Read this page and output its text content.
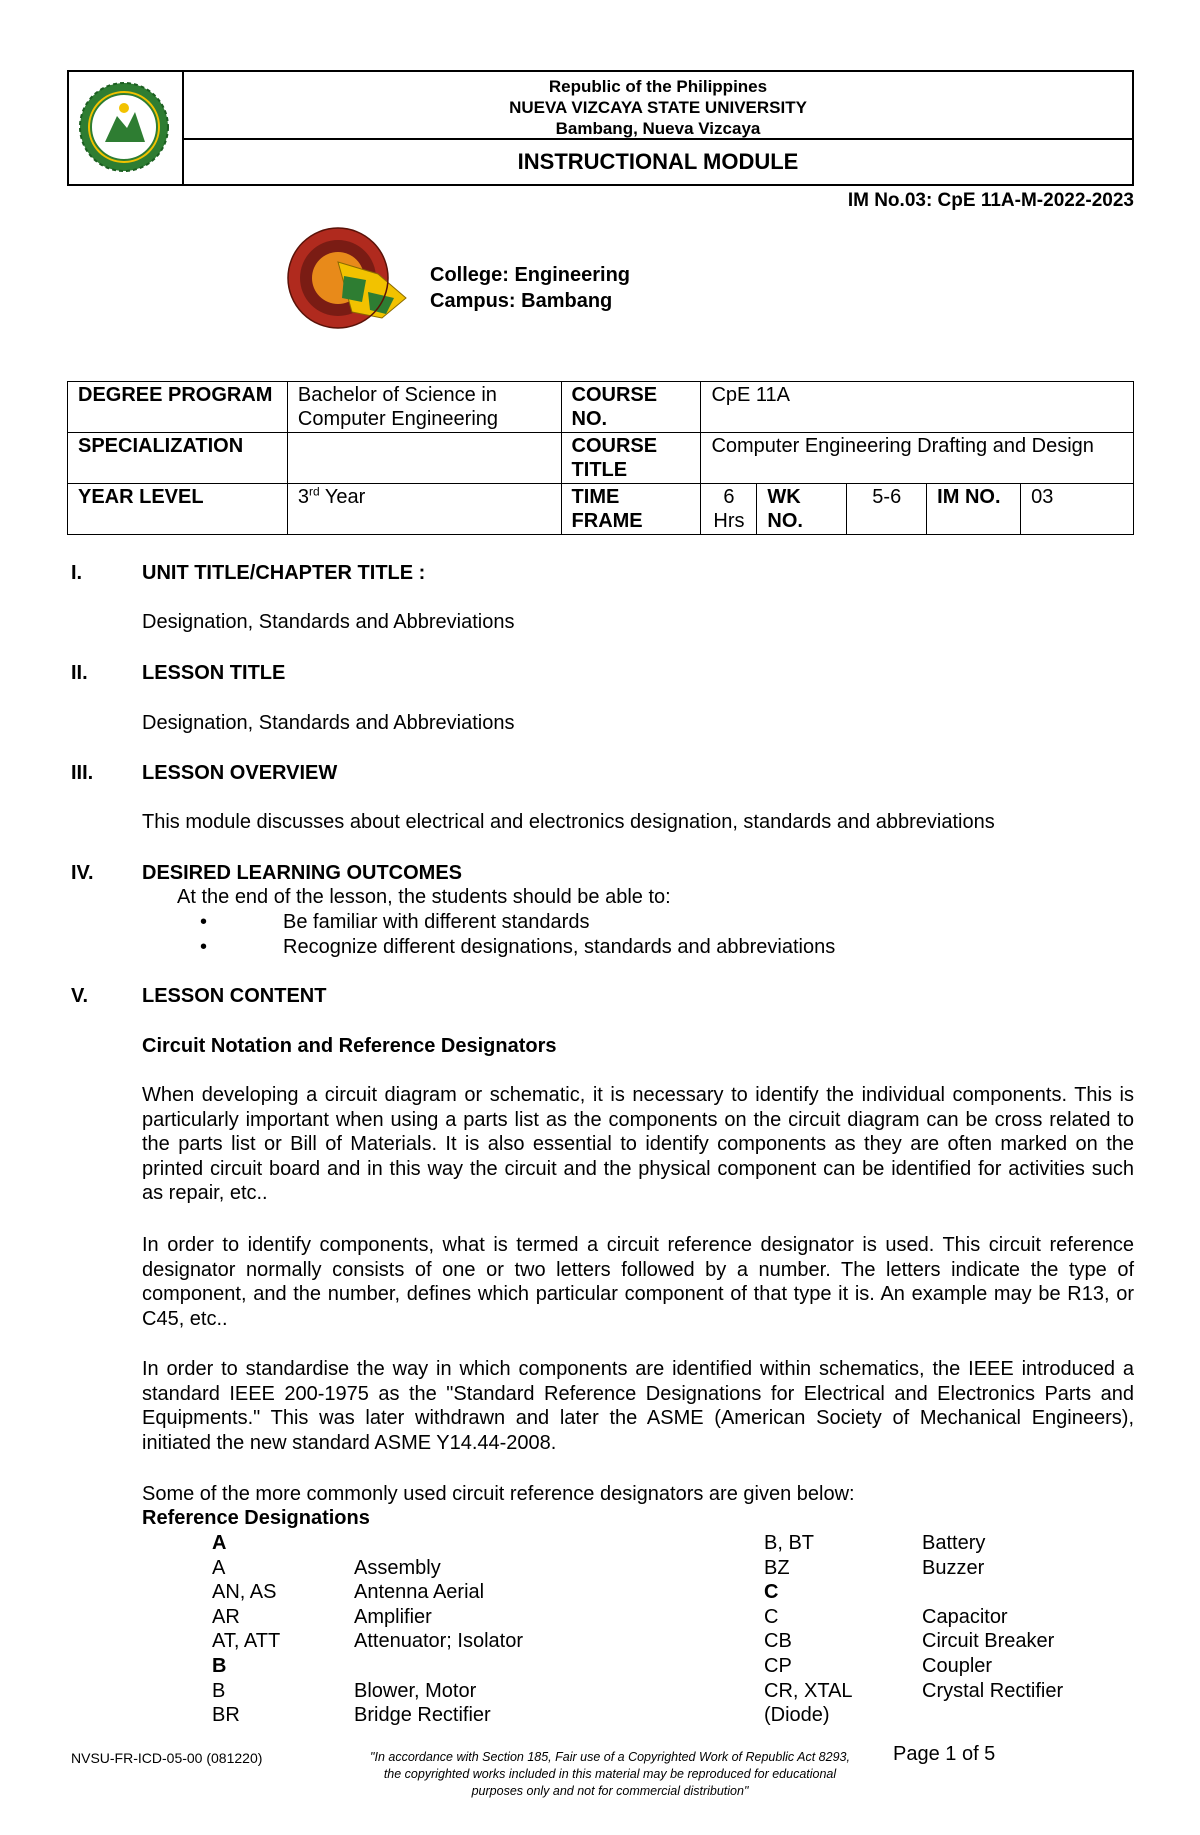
Republic of the Philippines
NUEVA VIZCAYA STATE UNIVERSITY
Bambang, Nueva Vizcaya
INSTRUCTIONAL MODULE
IM No.03: CpE 11A-M-2022-2023
College: Engineering
Campus: Bambang
DEGREE PROGRAM	Bachelor of Science in Computer Engineering	COURSE NO.	CpE 11A				
SPECIALIZATION		COURSE TITLE	Computer Engineering Drafting and Design				
YEAR LEVEL	3rd Year	TIME FRAME	6 Hrs	WK NO.	5-6	IM NO.	03
I.	UNIT TITLE/CHAPTER TITLE :
Designation, Standards and Abbreviations
II.	LESSON TITLE
Designation, Standards and Abbreviations
III. LESSON OVERVIEW
This module discusses about electrical and electronics designation, standards and abbreviations
IV. DESIRED LEARNING OUTCOMES
At the end of the lesson, the students should be able to:
•	Be familiar with different standards
•	Recognize different designations, standards and abbreviations
V.	LESSON CONTENT
Circuit Notation and Reference Designators
When developing a circuit diagram or schematic, it is necessary to identify the individual components. This is particularly important when using a parts list as the components on the circuit diagram can be cross related to the parts list or Bill of Materials. It is also essential to identify components as they are often marked on the printed circuit board and in this way the circuit and the physical component can be identified for activities such as repair, etc..
In order to identify components, what is termed a circuit reference designator is used. This circuit reference designator normally consists of one or two letters followed by a number. The letters indicate the type of component, and the number, defines which particular component of that type it is. An example may be R13, or C45, etc..
In order to standardise the way in which components are identified within schematics, the IEEE introduced a standard IEEE 200-1975 as the "Standard Reference Designations for Electrical and Electronics Parts and Equipments." This was later withdrawn and later the ASME (American Society of Mechanical Engineers), initiated the new standard ASME Y14.44-2008.
Some of the more commonly used circuit reference designators are given below:
Reference Designations
A
A	Assembly
AN, AS	Antenna Aerial
AR	Amplifier
AT, ATT	Attenuator; Isolator
B
B	Blower, Motor
BR	Bridge Rectifier
B, BT	Battery
BZ	Buzzer
C
C	Capacitor
CB	Circuit Breaker
CP	Coupler
CR, XTAL	Crystal Rectifier
(Diode)
NVSU-FR-ICD-05-00 (081220)	"In accordance with Section 185, Fair use of a Copyrighted Work of Republic Act 8293, the copyrighted works included in this material may be reproduced for educational purposes only and not for commercial distribution"
Page 1 of 5
